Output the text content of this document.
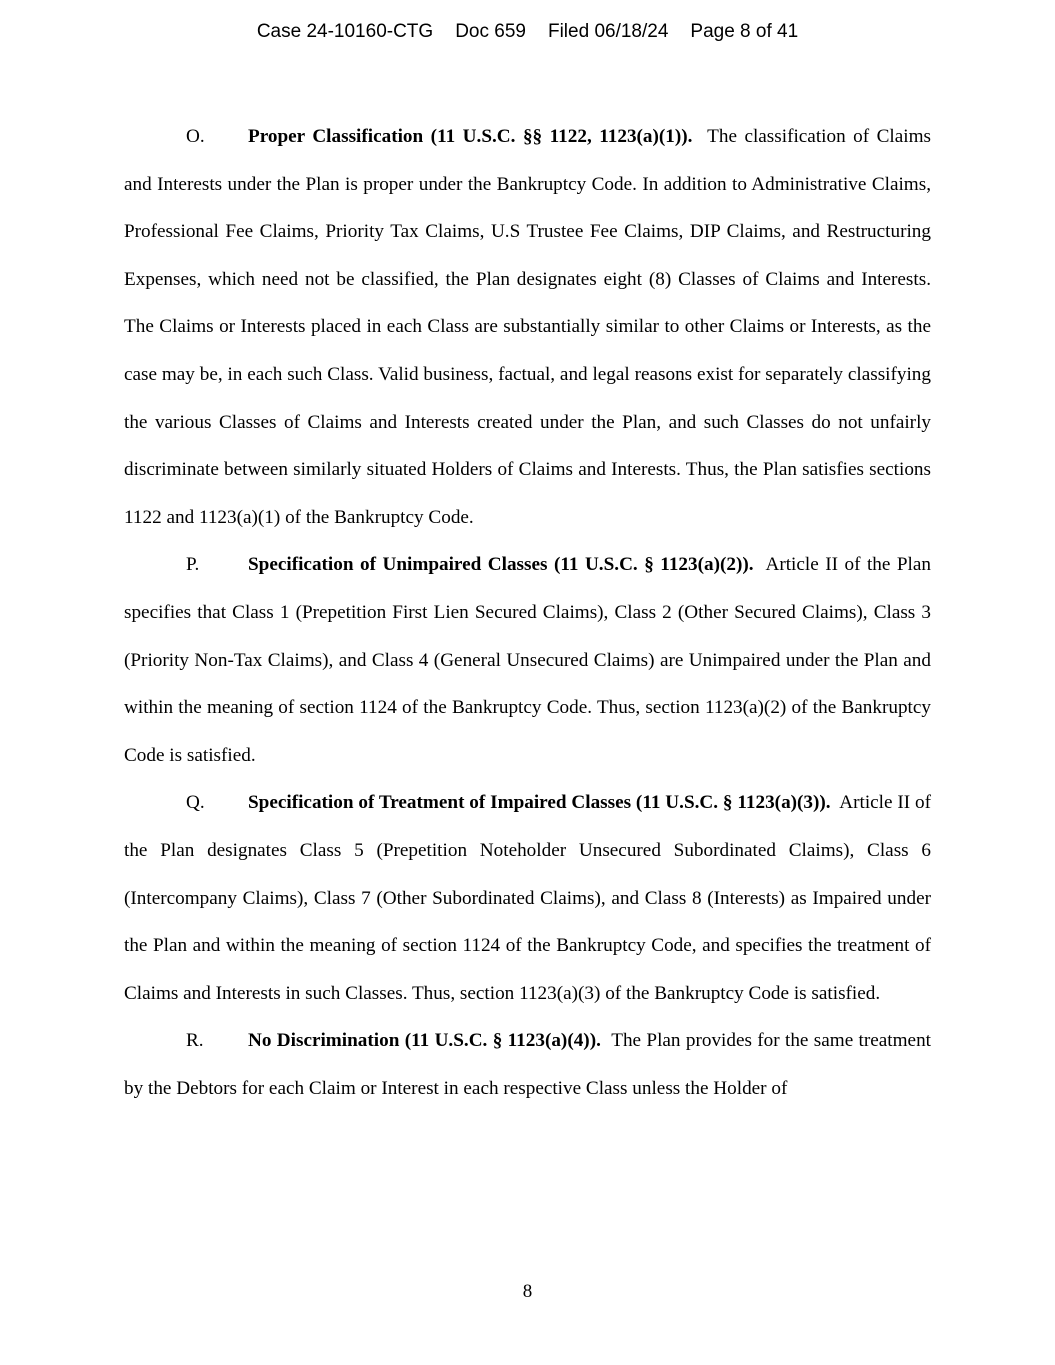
Case 24-10160-CTG Doc 659 Filed 06/18/24 Page 8 of 41

O. Proper Classification (11 U.S.C. §§ 1122, 1123(a)(1)). The classification of Claims and Interests under the Plan is proper under the Bankruptcy Code. In addition to Administrative Claims, Professional Fee Claims, Priority Tax Claims, U.S Trustee Fee Claims, DIP Claims, and Restructuring Expenses, which need not be classified, the Plan designates eight (8) Classes of Claims and Interests. The Claims or Interests placed in each Class are substantially similar to other Claims or Interests, as the case may be, in each such Class. Valid business, factual, and legal reasons exist for separately classifying the various Classes of Claims and Interests created under the Plan, and such Classes do not unfairly discriminate between similarly situated Holders of Claims and Interests. Thus, the Plan satisfies sections 1122 and 1123(a)(1) of the Bankruptcy Code.

P.	Specification of Unimpaired Classes (11 U.S.C. § 1123(a)(2)). Article II of the Plan specifies that Class 1 (Prepetition First Lien Secured Claims), Class 2 (Other Secured Claims), Class 3 (Priority Non-Tax Claims), and Class 4 (General Unsecured Claims) are Unimpaired under the Plan and within the meaning of section 1124 of the Bankruptcy Code. Thus, section 1123(a)(2) of the Bankruptcy Code is satisfied.

Q. Specification of Treatment of Impaired Classes (11 U.S.C. § 1123(a)(3)). Article II of the Plan designates Class 5 (Prepetition Noteholder Unsecured Subordinated Claims), Class 6 (Intercompany Claims), Class 7 (Other Subordinated Claims), and Class 8 (Interests) as Impaired under the Plan and within the meaning of section 1124 of the Bankruptcy Code, and specifies the treatment of Claims and Interests in such Classes. Thus, section 1123(a)(3) of the Bankruptcy Code is satisfied.

R. No Discrimination (11 U.S.C. § 1123(a)(4)). The Plan provides for the same treatment by the Debtors for each Claim or Interest in each respective Class unless the Holder of

8
